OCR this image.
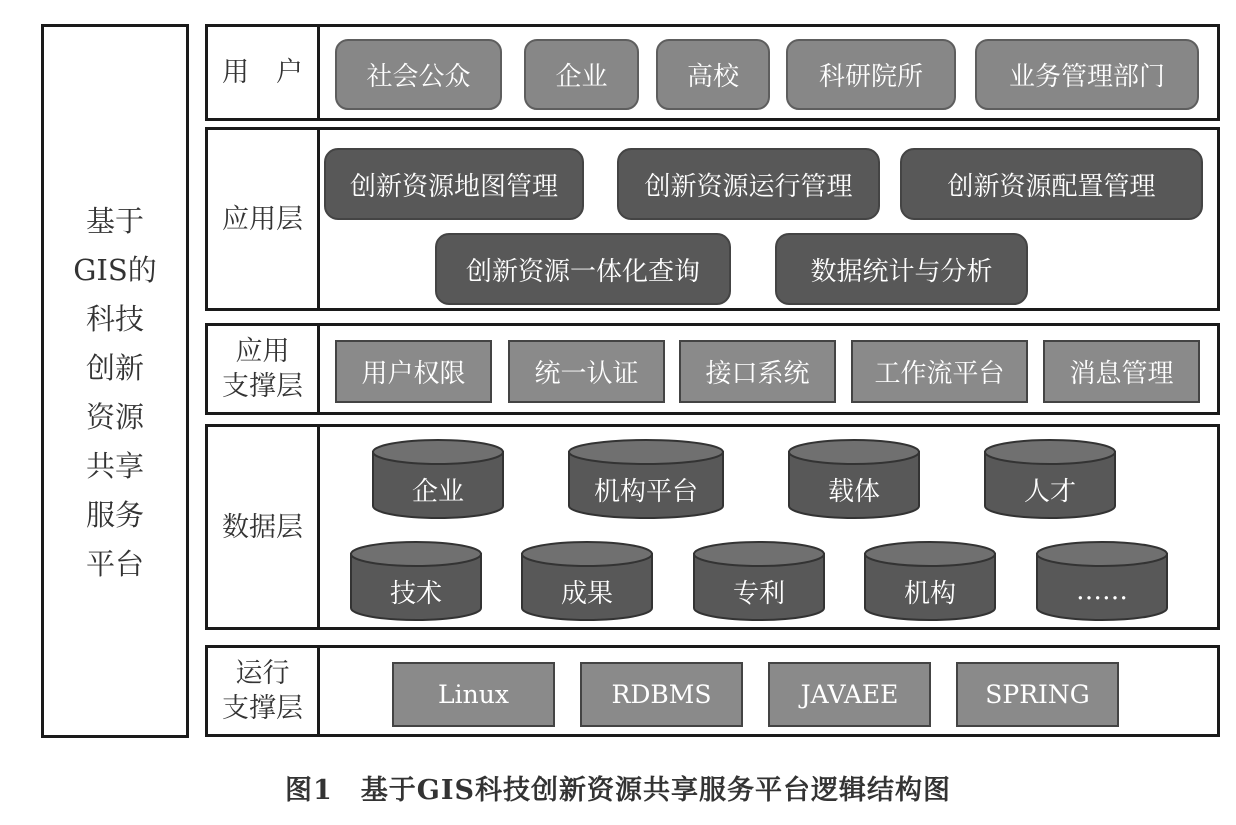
基于
GIS的
科技
创新
资源
共享
服务
平台
用　户	社会公众	企业	高校	科研院所	业务管理部门
应用层
创新资源地图管理	创新资源运行管理	创新资源配置管理
创新资源一体化查询	数据统计与分析
应用
支撑层	用户权限	统一认证	接口系统	工作流平台	消息管理
数据层
企业	机构平台	载体	人才
技术	成果	专利	机构	……
运行
支撑层	Linux	RDBMS	JAVAEE	SPRING
图1　基于GIS科技创新资源共享服务平台逻辑结构图
